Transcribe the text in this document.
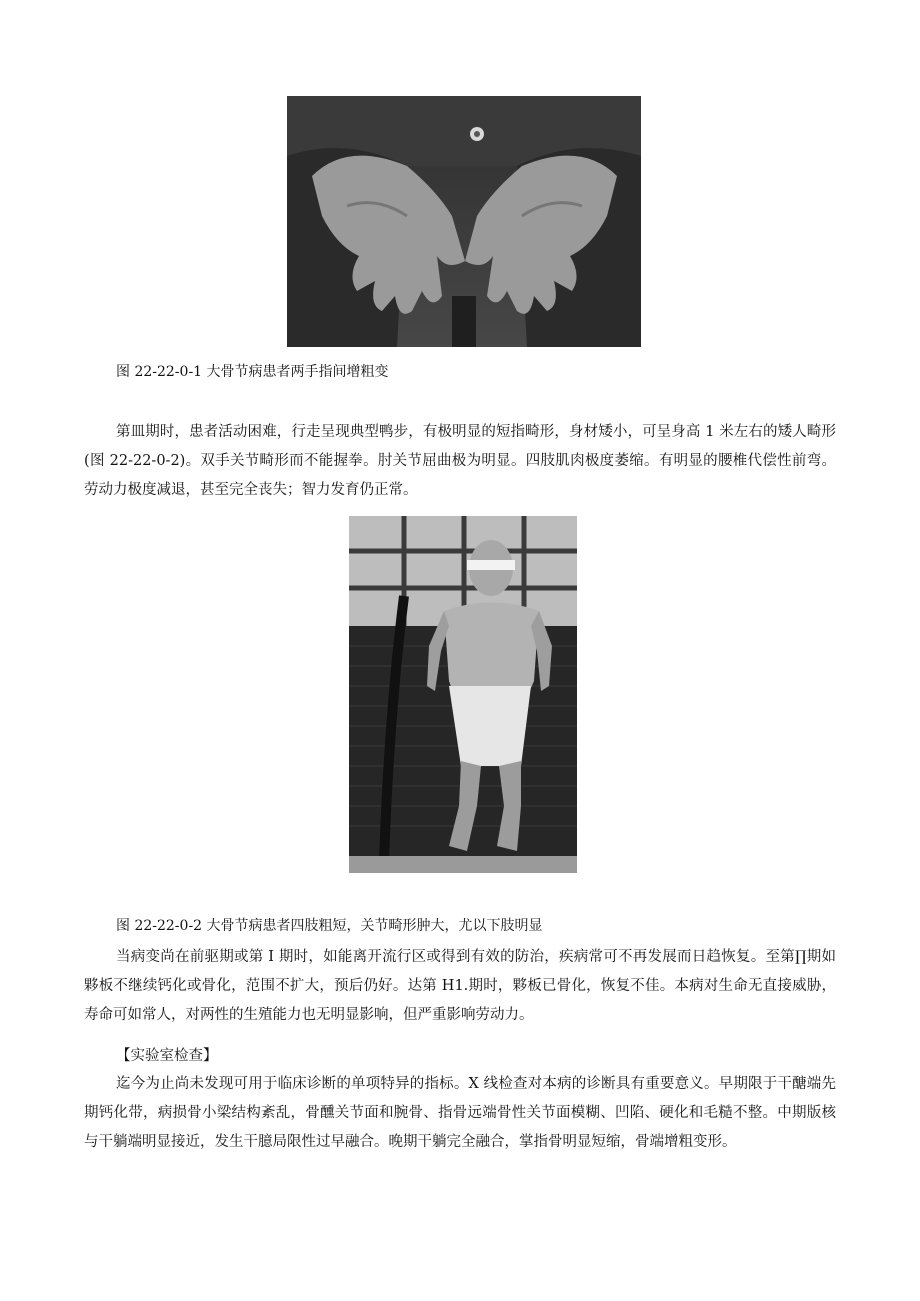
图 22-22-0-1 大骨节病患者两手指间增粗变

第皿期时，患者活动困难，行走呈现典型鸭步，有极明显的短指畸形，身材矮小，可呈身高 1 米左右的矮人畸形(图 22-22-0-2)。双手关节畸形而不能握拳。肘关节屈曲极为明显。四肢肌肉极度萎缩。有明显的腰椎代偿性前弯。劳动力极度减退，甚至完全丧失；智力发育仍正常。

图 22-22-0-2 大骨节病患者四肢粗短，关节畸形肿大，尤以下肢明显

当病变尚在前驱期或第 I 期时，如能离开流行区或得到有效的防治，疾病常可不再发展而日趋恢复。至第∏期如夥板不继续钙化或骨化，范围不扩大，预后仍好。达第 H1.期时，夥板已骨化，恢复不佳。本病对生命无直接威胁，寿命可如常人，对两性的生殖能力也无明显影响，但严重影响劳动力。

【实验室检查】

迄今为止尚未发现可用于临床诊断的单项特异的指标。X 线检查对本病的诊断具有重要意义。早期限于干醣端先期钙化带，病损骨小梁结构紊乱，骨醺关节面和腕骨、指骨远端骨性关节面模糊、凹陷、硬化和毛糙不整。中期版核与干躺端明显接近，发生干臆局限性过早融合。晚期干躺完全融合，掌指骨明显短缩，骨端增粗变形。
